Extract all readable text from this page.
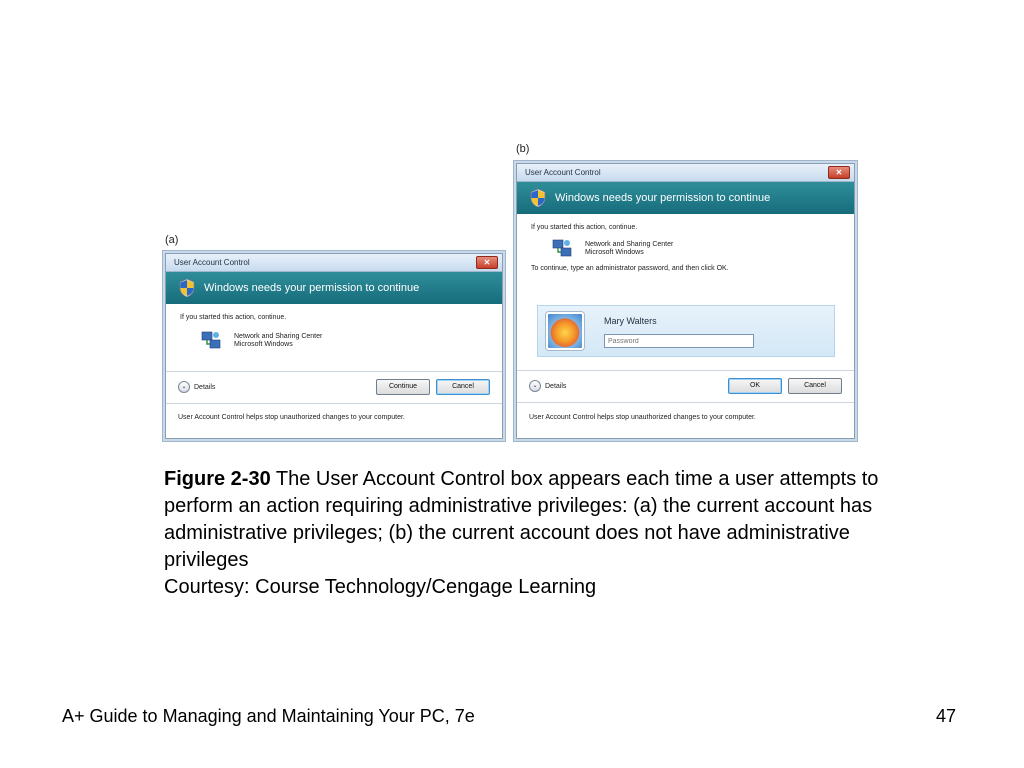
(a)
User Account Control	✕
Windows needs your permission to continue
If you started this action, continue.
Network and Sharing Center
Microsoft Windows
⌄	Details	Continue	Cancel
User Account Control helps stop unauthorized changes to your computer.
(b)
User Account Control	✕
Windows needs your permission to continue
If you started this action, continue.
Network and Sharing Center
Microsoft Windows
To continue, type an administrator password, and then click OK.
Mary Walters
⌄	Details	OK	Cancel
User Account Control helps stop unauthorized changes to your computer.
Figure 2-30 The User Account Control box appears each time a user attempts to perform an action requiring administrative privileges: (a) the current account has administrative privileges; (b) the current account does not have administrative privileges
Courtesy: Course Technology/Cengage Learning
A+ Guide to Managing and Maintaining Your PC, 7e	47
